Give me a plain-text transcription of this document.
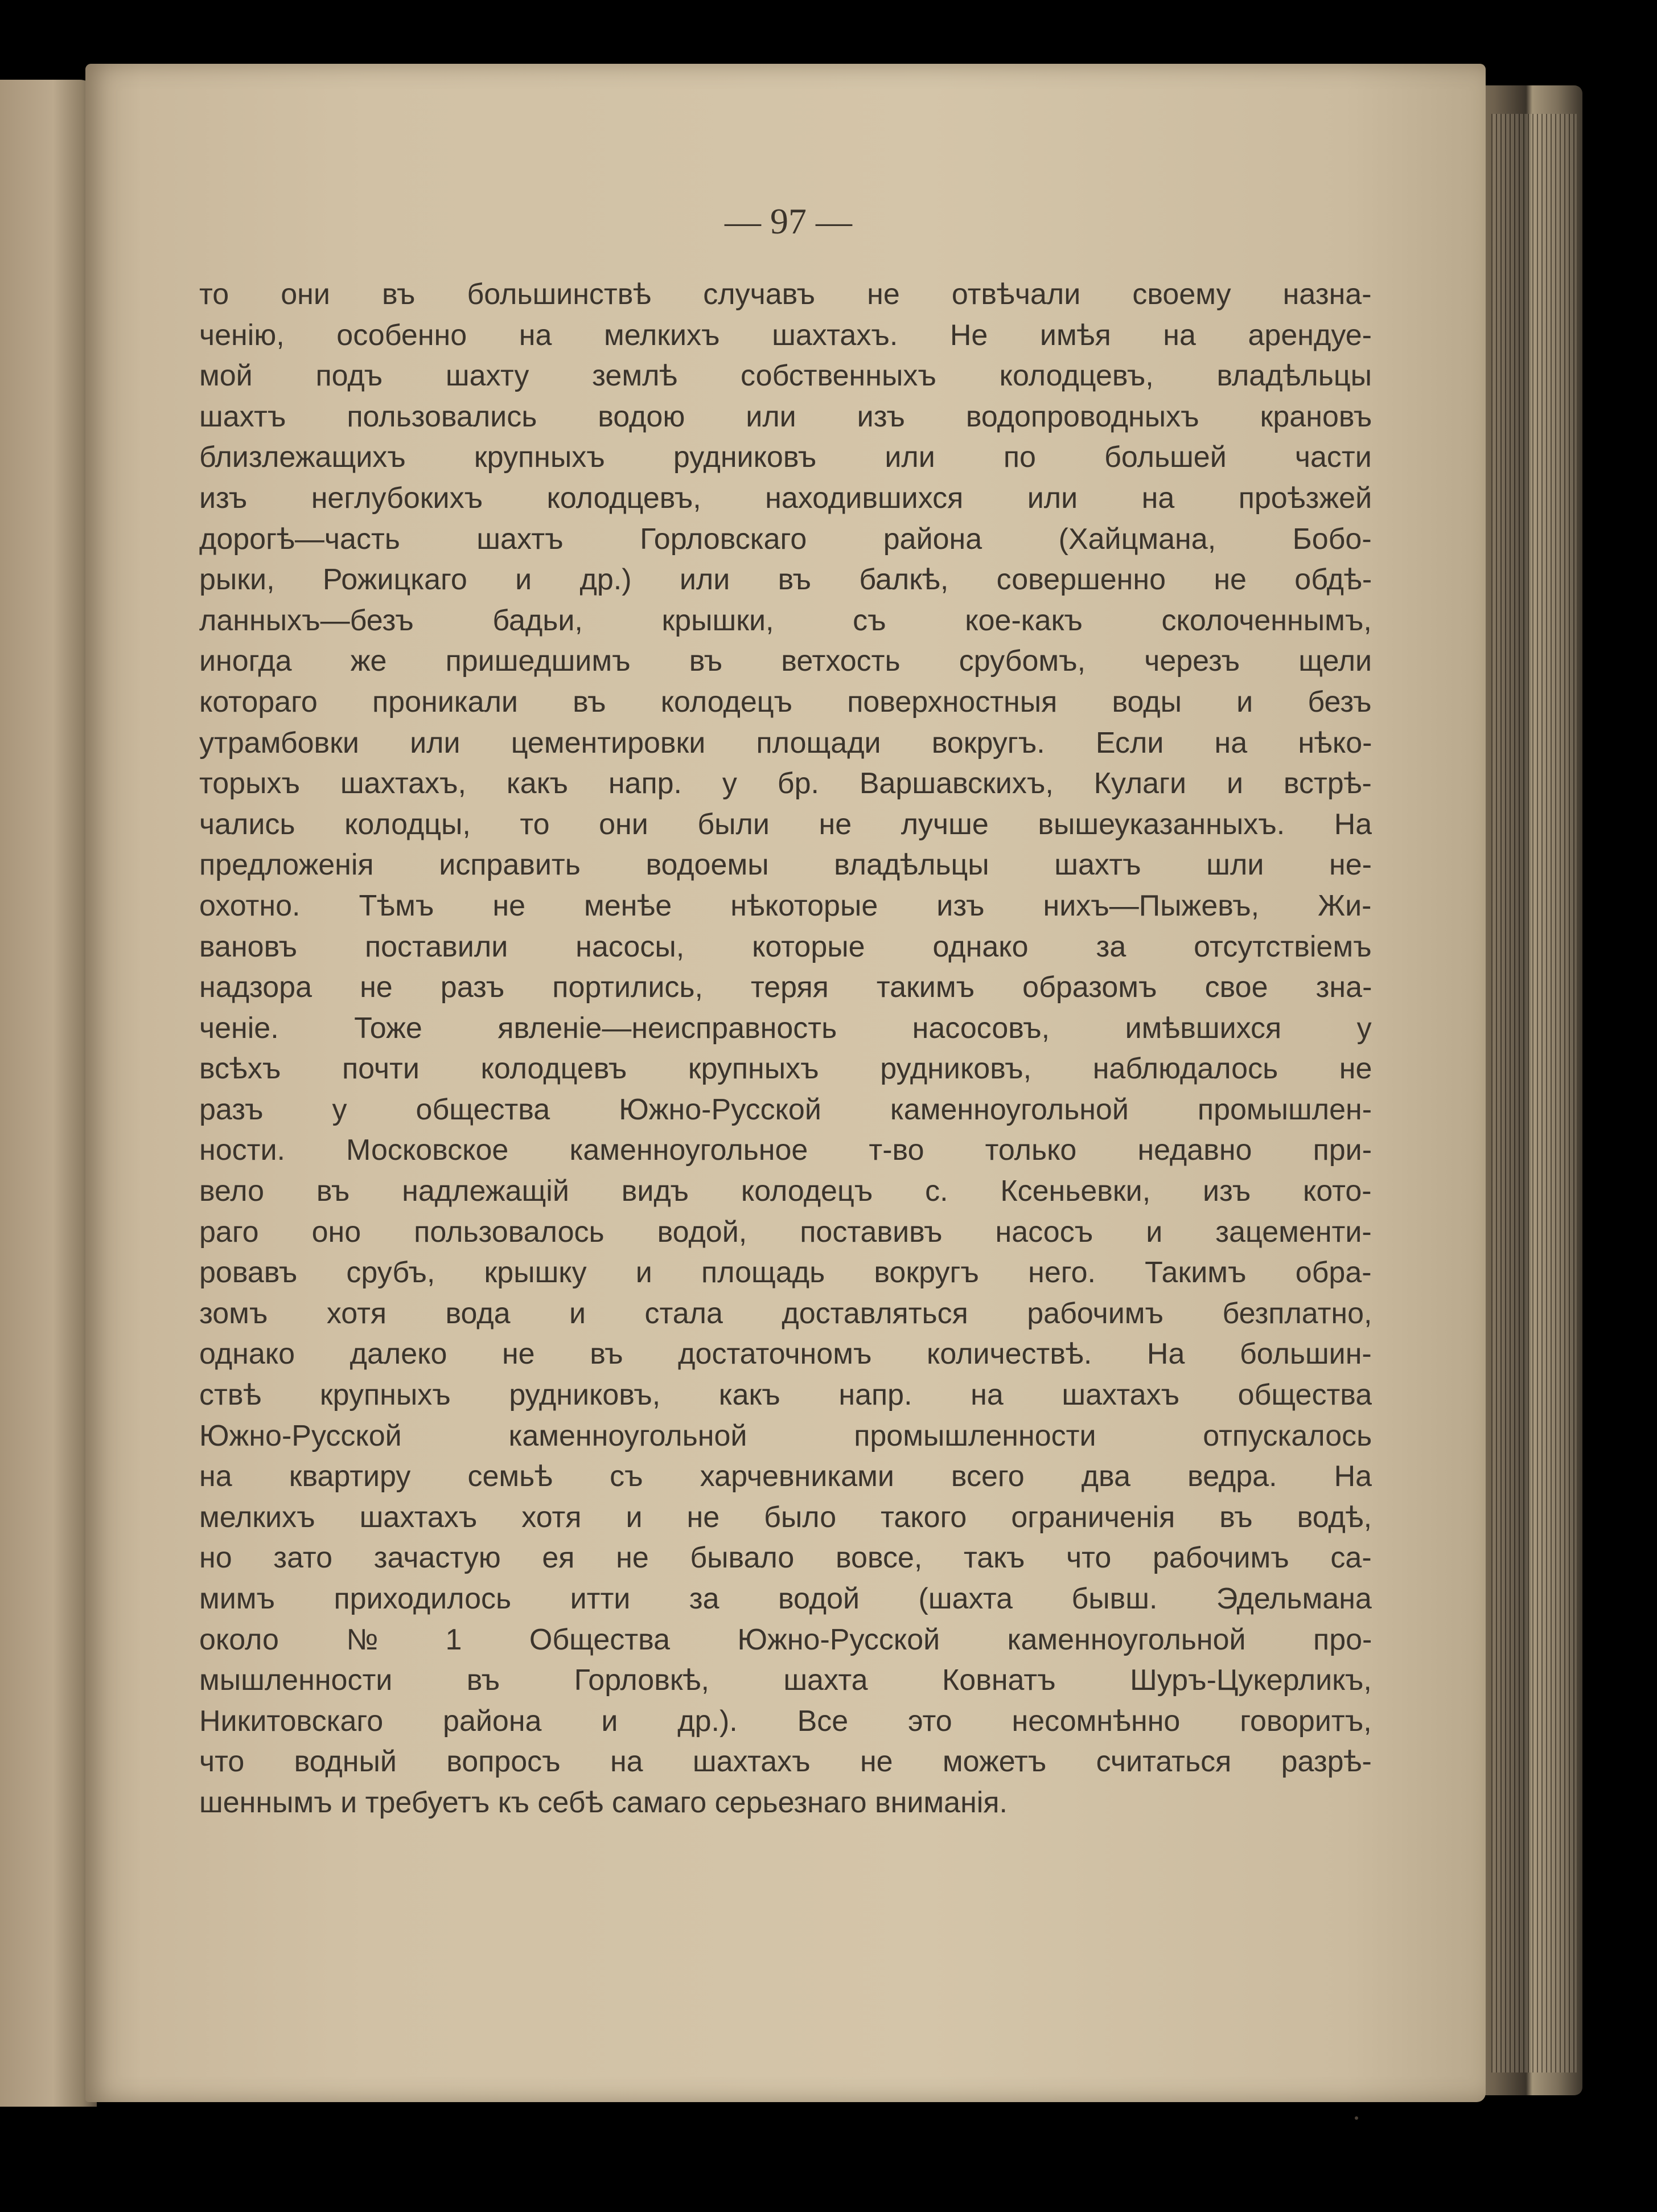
— 97 —
то они въ большинствѣ случавъ не отвѣчали своему назна-
ченію, особенно на мелкихъ шахтахъ. Не имѣя на арендуе-
мой подъ шахту землѣ собственныхъ колодцевъ, владѣльцы
шахтъ пользовались водою или изъ водопроводныхъ крановъ
близлежащихъ крупныхъ рудниковъ или по большей части
изъ неглубокихъ колодцевъ, находившихся или на проѣзжей
дорогѣ—часть шахтъ Горловскаго района (Хайцмана, Бобо-
рыки, Рожицкаго и др.) или въ балкѣ, совершенно не обдѣ-
ланныхъ—безъ бадьи, крышки, съ кое-какъ сколоченнымъ,
иногда же пришедшимъ въ ветхость срубомъ, черезъ щели
котораго проникали въ колодецъ поверхностныя воды и безъ
утрамбовки или цементировки площади вокругъ. Если на нѣко-
торыхъ шахтахъ, какъ напр. у бр. Варшавскихъ, Кулаги и встрѣ-
чались колодцы, то они были не лучше вышеуказанныхъ. На
предложенія исправить водоемы владѣльцы шахтъ шли не-
охотно. Тѣмъ не менѣе нѣкоторые изъ нихъ—Пыжевъ, Жи-
вановъ поставили насосы, которые однако за отсутствіемъ
надзора не разъ портились, теряя такимъ образомъ свое зна-
ченіе. Тоже явленіе—неисправность насосовъ, имѣвшихся у
всѣхъ почти колодцевъ крупныхъ рудниковъ, наблюдалось не
разъ у общества Южно-Русской каменноугольной промышлен-
ности. Московское каменноугольное т-во только недавно при-
вело въ надлежащій видъ колодецъ с. Ксеньевки, изъ кото-
раго оно пользовалось водой, поставивъ насосъ и зацементи-
ровавъ срубъ, крышку и площадь вокругъ него. Такимъ обра-
зомъ хотя вода и стала доставляться рабочимъ безплатно,
однако далеко не въ достаточномъ количествѣ. На большин-
ствѣ крупныхъ рудниковъ, какъ напр. на шахтахъ общества
Южно-Русской каменноугольной промышленности отпускалось
на квартиру семьѣ съ харчевниками всего два ведра. На
мелкихъ шахтахъ хотя и не было такого ограниченія въ водѣ,
но зато зачастую ея не бывало вовсе, такъ что рабочимъ са-
мимъ приходилось итти за водой (шахта бывш. Эдельмана
около № 1 Общества Южно-Русской каменноугольной про-
мышленности въ Горловкѣ, шахта Ковнатъ Шуръ-Цукерликъ,
Никитовскаго района и др.). Все это несомнѣнно говоритъ,
что водный вопросъ на шахтахъ не можетъ считаться разрѣ-
шеннымъ и требуетъ къ себѣ самаго серьезнаго вниманія.
